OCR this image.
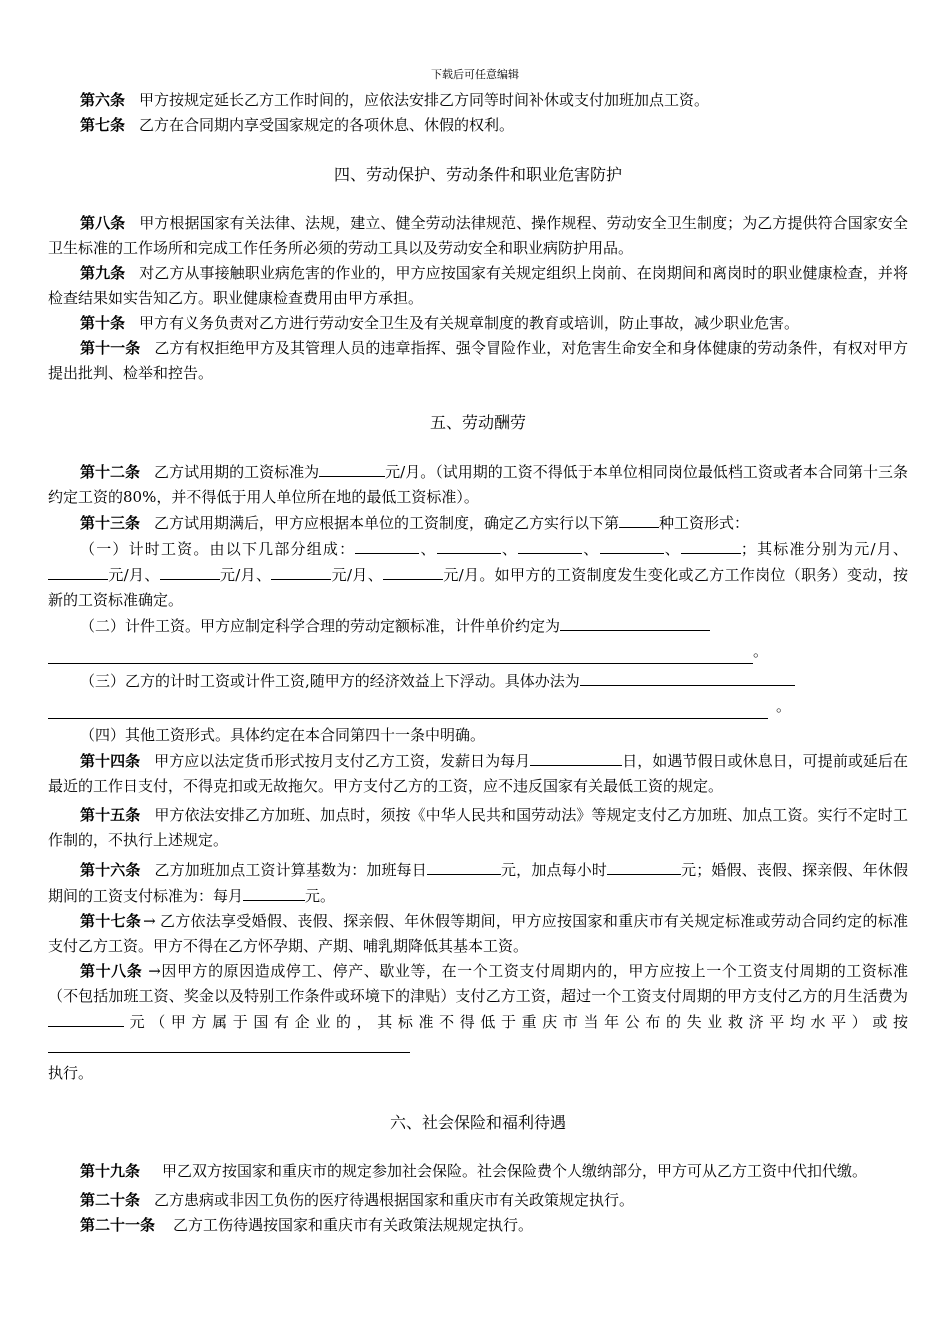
下载后可任意编辑

第六条 甲方按规定延长乙方工作时间的，应依法安排乙方同等时间补休或支付加班加点工资。

第七条 乙方在合同期内享受国家规定的各项休息、休假的权利。

四、劳动保护、劳动条件和职业危害防护

第八条 甲方根据国家有关法律、法规，建立、健全劳动法律规范、操作规程、劳动安全卫生制度；为乙方提供符合国家安全卫生标准的工作场所和完成工作任务所必须的劳动工具以及劳动安全和职业病防护用品。

第九条 对乙方从事接触职业病危害的作业的，甲方应按国家有关规定组织上岗前、在岗期间和离岗时的职业健康检查，并将检查结果如实告知乙方。职业健康检查费用由甲方承担。

第十条 甲方有义务负责对乙方进行劳动安全卫生及有关规章制度的教育或培训，防止事故，减少职业危害。

第十一条 乙方有权拒绝甲方及其管理人员的违章指挥、强令冒险作业，对危害生命安全和身体健康的劳动条件，有权对甲方提出批判、检举和控告。

五、劳动酬劳

第十二条 乙方试用期的工资标准为	元/月。（试用期的工资不得低于本单位相同岗位最低档工资或者本合同第十三条约定工资的80%，并不得低于用人单位所在地的最低工资标准）。

第十三条 乙方试用期满后，甲方应根据本单位的工资制度，确定乙方实行以下第	种工资形式：

（一）计时工资。由以下几部分组成：	、	、	、	、	；其标准分别为元/月、元/月、	元/月、	元/月、	元/月。如甲方的工资制度发生变化或乙方工作岗位（职务）变动，按新的工资标准确定。

（二）计件工资。甲方应制定科学合理的劳动定额标准，计件单价约定为

。

（三）乙方的计时工资或计件工资,随甲方的经济效益上下浮动。具体办法为

。

（四）其他工资形式。具体约定在本合同第四十一条中明确。

第十四条 甲方应以法定货币形式按月支付乙方工资，发薪日为每月	日，如遇节假日或休息日，可提前或延后在最近的工作日支付，不得克扣或无故拖欠。甲方支付乙方的工资，应不违反国家有关最低工资的规定。

第十五条 甲方依法安排乙方加班、加点时，须按《中华人民共和国劳动法》等规定支付乙方加班、加点工资。实行不定时工作制的，不执行上述规定。

第十六条 乙方加班加点工资计算基数为：加班每日	元，加点每小时	元；婚假、丧假、探亲假、年休假期间的工资支付标准为：每月	元。

第十七条 → 乙方依法享受婚假、丧假、探亲假、年休假等期间，甲方应按国家和重庆市有关规定标准或劳动合同约定的标准支付乙方工资。甲方不得在乙方怀孕期、产期、哺乳期降低其基本工资。

第十八条 →因甲方的原因造成停工、停产、歇业等，在一个工资支付周期内的，甲方应按上一个工资支付周期的工资标准（不包括加班工资、奖金以及特别工作条件或环境下的津贴）支付乙方工资，超过一个工资支付周期的甲方支付乙方的月生活费为元（甲方属于国有企业的，其标准不得低于重庆市当年公布的失业救济平均水平）或按

执行。

六、社会保险和福利待遇

第十九条 甲乙双方按国家和重庆市的规定参加社会保险。社会保险费个人缴纳部分，甲方可从乙方工资中代扣代缴。

第二十条 乙方患病或非因工负伤的医疗待遇根据国家和重庆市有关政策规定执行。

第二十一条 乙方工伤待遇按国家和重庆市有关政策法规规定执行。
